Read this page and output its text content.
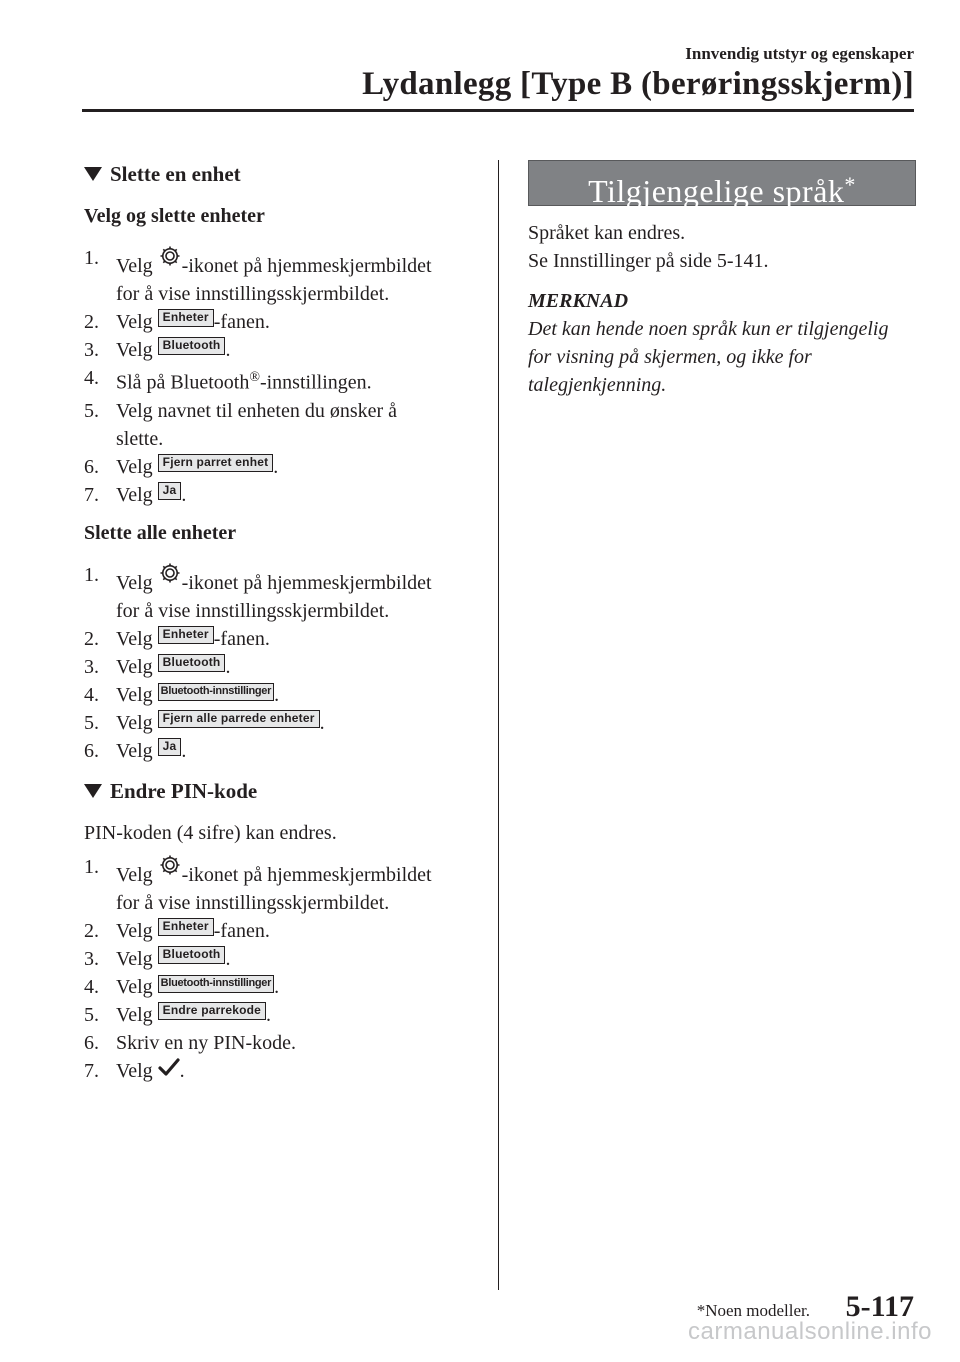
Innvendig utstyr og egenskaper
Lydanlegg [Type B (berøringsskjerm)]

Slette en enhet

Velg og slette enheter

1. Velg -ikonet på hjemmeskjermbildet
for å vise innstillingsskjermbildet.
2. Velg Enheter -fanen.
3. Velg Bluetooth .
4. Slå på Bluetooth®-innstillingen.
5. Velg navnet til enheten du ønsker å
slette.
6. Velg Fjern parret enhet .
7. Velg Ja .

Slette alle enheter

1. Velg -ikonet på hjemmeskjermbildet
for å vise innstillingsskjermbildet.
2. Velg Enheter -fanen.
3. Velg Bluetooth .
4. Velg Bluetooth-innstillinger .
5. Velg Fjern alle parrede enheter .
6. Velg Ja .

Endre PIN-kode

PIN-koden (4 sifre) kan endres.

1. Velg -ikonet på hjemmeskjermbildet
for å vise innstillingsskjermbildet.
2. Velg Enheter -fanen.
3. Velg Bluetooth .
4. Velg Bluetooth-innstillinger .
5. Velg Endre parrekode .
6. Skriv en ny PIN-kode.
7. Velg .
Tilgjengelige språk*

Språket kan endres.

Se Innstillinger på side 5-141.

MERKNAD

Det kan hende noen språk kun er tilgjengelig for visning på skjermen, og ikke for talegjenkjenning.

*Noen modeller. 5-117
carmanualsonline.info
